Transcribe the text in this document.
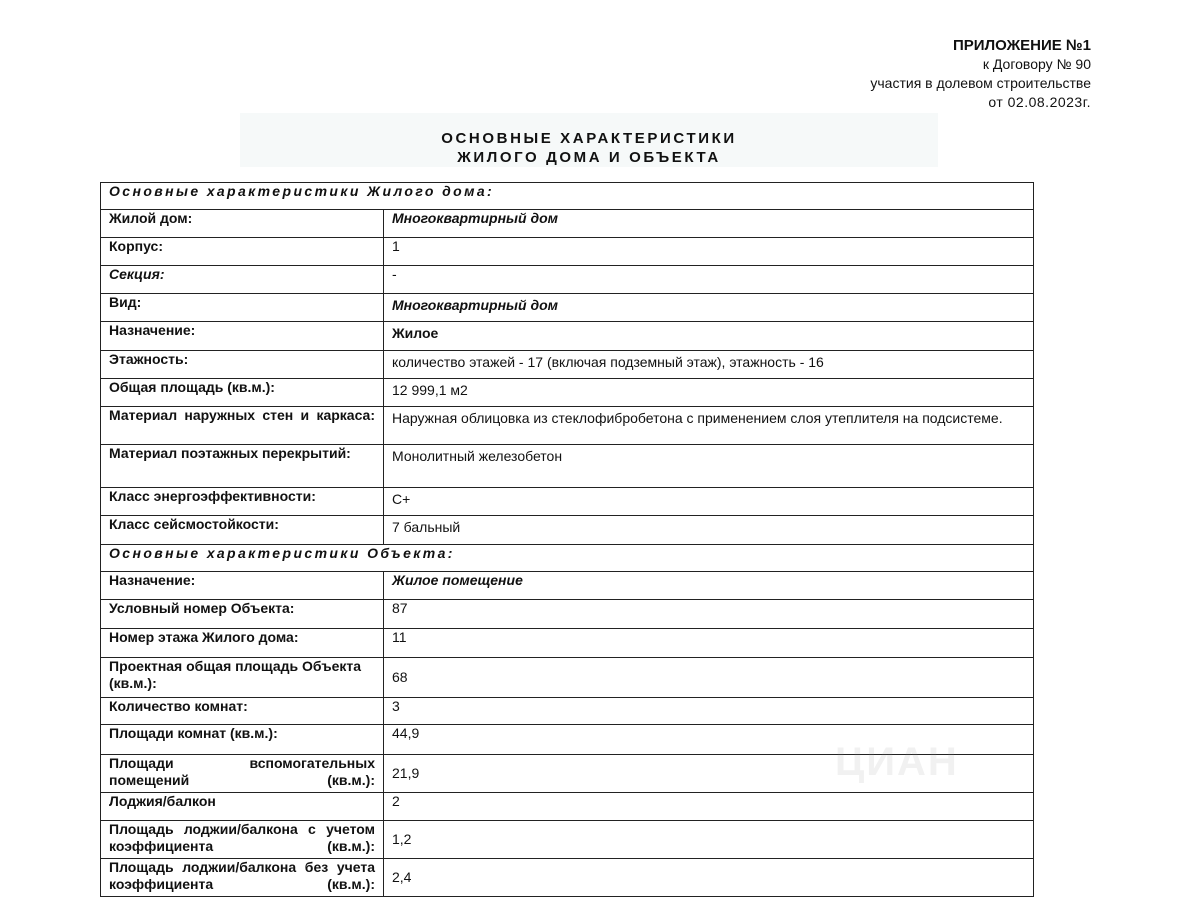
ПРИЛОЖЕНИЕ №1
к Договору № 90
участия в долевом строительстве
от 02.08.2023г.
ОСНОВНЫЕ ХАРАКТЕРИСТИКИ
ЖИЛОГО ДОМА И ОБЪЕКТА
Основные характеристики Жилого дома:	
Жилой дом:	Многоквартирный дом
Корпус:	1
Секция:	-
Вид:	Многоквартирный дом
Назначение:	Жилое
Этажность:	количество этажей - 17 (включая подземный этаж), этажность - 16
Общая площадь (кв.м.):	12 999,1 м2
Материал наружных стен и каркаса:	Наружная облицовка из стеклофибробетона с применением слоя утеплителя на подсистеме.
Материал поэтажных перекрытий:	Монолитный железобетон
Класс энергоэффективности:	С+
Класс сейсмостойкости:	7 бальный
Основные характеристики Объекта:	
Назначение:	Жилое помещение
Условный номер Объекта:	87
Номер этажа Жилого дома:	11
Проектная общая площадь Объекта (кв.м.):	68
Количество комнат:	3
Площади комнат (кв.м.):	44,9
Площади вспомогательных помещений (кв.м.):	21,9
Лоджия/балкон	2
Площадь лоджии/балкона с учетом коэффициента (кв.м.):	1,2
Площадь лоджии/балкона без учета коэффициента (кв.м.):	2,4
ЦИАН
